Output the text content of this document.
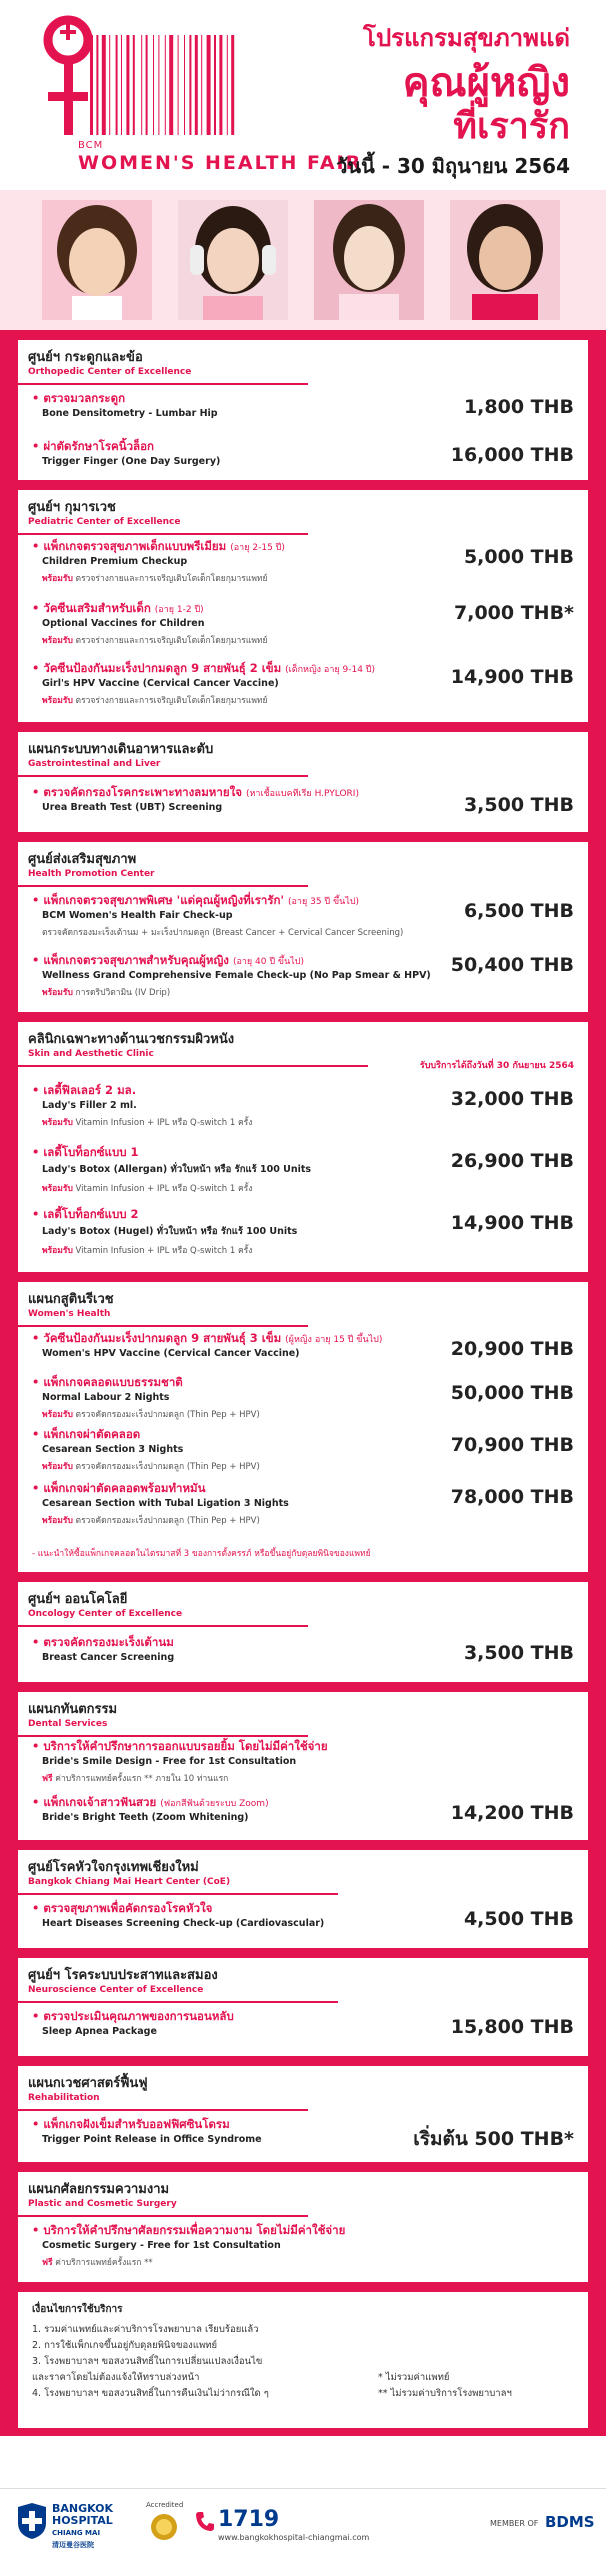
BCM
WOMEN'S HEALTH FAIR
โปรแกรมสุขภาพแด่
คุณผู้หญิง
ที่เรารัก
วันนี้ - 30 มิถุนายน 2564
ศูนย์ฯ กระดูกและข้อ
Orthopedic Center of Excellence
• ตรวจมวลกระดูก
Bone Densitometry - Lumbar Hip	1,800 THB
• ผ่าตัดรักษาโรคนิ้วล็อก
Trigger Finger (One Day Surgery)	16,000 THB
ศูนย์ฯ กุมารเวช
Pediatric Center of Excellence
• แพ็กเกจตรวจสุขภาพเด็กแบบพรีเมียม (อายุ 2-15 ปี)
Children Premium Checkup
พร้อมรับ ตรวจร่างกายและการเจริญเติบโตเด็กโดยกุมารแพทย์
5,000 THB
• วัคซีนเสริมสำหรับเด็ก (อายุ 1-2 ปี)
Optional Vaccines for Children
พร้อมรับ ตรวจร่างกายและการเจริญเติบโตเด็กโดยกุมารแพทย์
7,000 THB*
• วัคซีนป้องกันมะเร็งปากมดลูก 9 สายพันธุ์ 2 เข็ม (เด็กหญิง อายุ 9-14 ปี)
Girl's HPV Vaccine (Cervical Cancer Vaccine)
พร้อมรับ ตรวจร่างกายและการเจริญเติบโตเด็กโดยกุมารแพทย์
14,900 THB
แผนกระบบทางเดินอาหารและตับ
Gastrointestinal and Liver
• ตรวจคัดกรองโรคกระเพาะทางลมหายใจ (หาเชื้อแบคทีเรีย H.PYLORI)
Urea Breath Test (UBT) Screening	3,500 THB
ศูนย์ส่งเสริมสุขภาพ
Health Promotion Center
• แพ็กเกจตรวจสุขภาพพิเศษ 'แด่คุณผู้หญิงที่เรารัก' (อายุ 35 ปี ขึ้นไป)
BCM Women's Health Fair Check-up
ตรวจคัดกรองมะเร็งเต้านม + มะเร็งปากมดลูก (Breast Cancer + Cervical Cancer Screening)
6,500 THB
• แพ็กเกจตรวจสุขภาพสำหรับคุณผู้หญิง (อายุ 40 ปี ขึ้นไป)
Wellness Grand Comprehensive Female Check-up (No Pap Smear & HPV)
พร้อมรับ การดริปวิตามิน (IV Drip)
50,400 THB
คลินิกเฉพาะทางด้านเวชกรรมผิวหนัง
Skin and Aesthetic Clinic
รับบริการได้ถึงวันที่ 30 กันยายน 2564
• เลดี้ฟิลเลอร์ 2 มล.
Lady's Filler 2 ml.
พร้อมรับ Vitamin Infusion + IPL หรือ Q-switch 1 ครั้ง
32,000 THB
• เลดี้โบท็อกซ์แบบ 1
Lady's Botox (Allergan) ทั่วใบหน้า หรือ รักแร้ 100 Units
พร้อมรับ Vitamin Infusion + IPL หรือ Q-switch 1 ครั้ง
26,900 THB
• เลดี้โบท็อกซ์แบบ 2
Lady's Botox (Hugel) ทั่วใบหน้า หรือ รักแร้ 100 Units
พร้อมรับ Vitamin Infusion + IPL หรือ Q-switch 1 ครั้ง
14,900 THB
แผนกสูตินรีเวช
Women's Health
• วัคซีนป้องกันมะเร็งปากมดลูก 9 สายพันธุ์ 3 เข็ม (ผู้หญิง อายุ 15 ปี ขึ้นไป)
Women's HPV Vaccine (Cervical Cancer Vaccine)	20,900 THB
• แพ็กเกจคลอดแบบธรรมชาติ
Normal Labour 2 Nights
พร้อมรับ ตรวจคัดกรองมะเร็งปากมดลูก (Thin Pep + HPV)
50,000 THB
• แพ็กเกจผ่าตัดคลอด
Cesarean Section 3 Nights
พร้อมรับ ตรวจคัดกรองมะเร็งปากมดลูก (Thin Pep + HPV)
70,900 THB
• แพ็กเกจผ่าตัดคลอดพร้อมทำหมัน
Cesarean Section with Tubal Ligation 3 Nights
พร้อมรับ ตรวจคัดกรองมะเร็งปากมดลูก (Thin Pep + HPV)
78,000 THB
- แนะนำให้ซื้อแพ็กเกจคลอดในไตรมาสที่ 3 ของการตั้งครรภ์ หรือขึ้นอยู่กับดุลยพินิจของแพทย์
ศูนย์ฯ ออนโคโลยี
Oncology Center of Excellence
• ตรวจคัดกรองมะเร็งเต้านม
Breast Cancer Screening	3,500 THB
แผนกทันตกรรม
Dental Services
• บริการให้คำปรึกษาการออกแบบรอยยิ้ม โดยไม่มีค่าใช้จ่าย
Bride's Smile Design - Free for 1st Consultation
ฟรี ค่าบริการแพทย์ครั้งแรก ** ภายใน 10 ท่านแรก
• แพ็กเกจเจ้าสาวฟันสวย (ฟอกสีฟันด้วยระบบ Zoom)
Bride's Bright Teeth (Zoom Whitening)	14,200 THB
ศูนย์โรคหัวใจกรุงเทพเชียงใหม่
Bangkok Chiang Mai Heart Center (CoE)
• ตรวจสุขภาพเพื่อคัดกรองโรคหัวใจ
Heart Diseases Screening Check-up (Cardiovascular)	4,500 THB
ศูนย์ฯ โรคระบบประสาทและสมอง
Neuroscience Center of Excellence
• ตรวจประเมินคุณภาพของการนอนหลับ
Sleep Apnea Package	15,800 THB
แผนกเวชศาสตร์ฟื้นฟู
Rehabilitation
• แพ็กเกจฝังเข็มสำหรับออฟฟิศซินโดรม
Trigger Point Release in Office Syndrome	เริ่มต้น 500 THB*
แผนกศัลยกรรมความงาม
Plastic and Cosmetic Surgery
• บริการให้คำปรึกษาศัลยกรรมเพื่อความงาม โดยไม่มีค่าใช้จ่าย
Cosmetic Surgery - Free for 1st Consultation
ฟรี ค่าบริการแพทย์ครั้งแรก **
เงื่อนไขการใช้บริการ
1. รวมค่าแพทย์และค่าบริการโรงพยาบาล เรียบร้อยแล้ว
2. การใช้แพ็กเกจขึ้นอยู่กับดุลยพินิจของแพทย์
3. โรงพยาบาลฯ ขอสงวนสิทธิ์ในการเปลี่ยนแปลงเงื่อนไข
และราคาโดยไม่ต้องแจ้งให้ทราบล่วงหน้า
4. โรงพยาบาลฯ ขอสงวนสิทธิ์ในการคืนเงินไม่ว่ากรณีใด ๆ
* ไม่รวมค่าแพทย์
** ไม่รวมค่าบริการโรงพยาบาลฯ
BANGKOK
HOSPITAL
CHIANG MAI
清迈曼谷医院
Accredited
1719
www.bangkokhospital-chiangmai.com
MEMBER OF BDMS
